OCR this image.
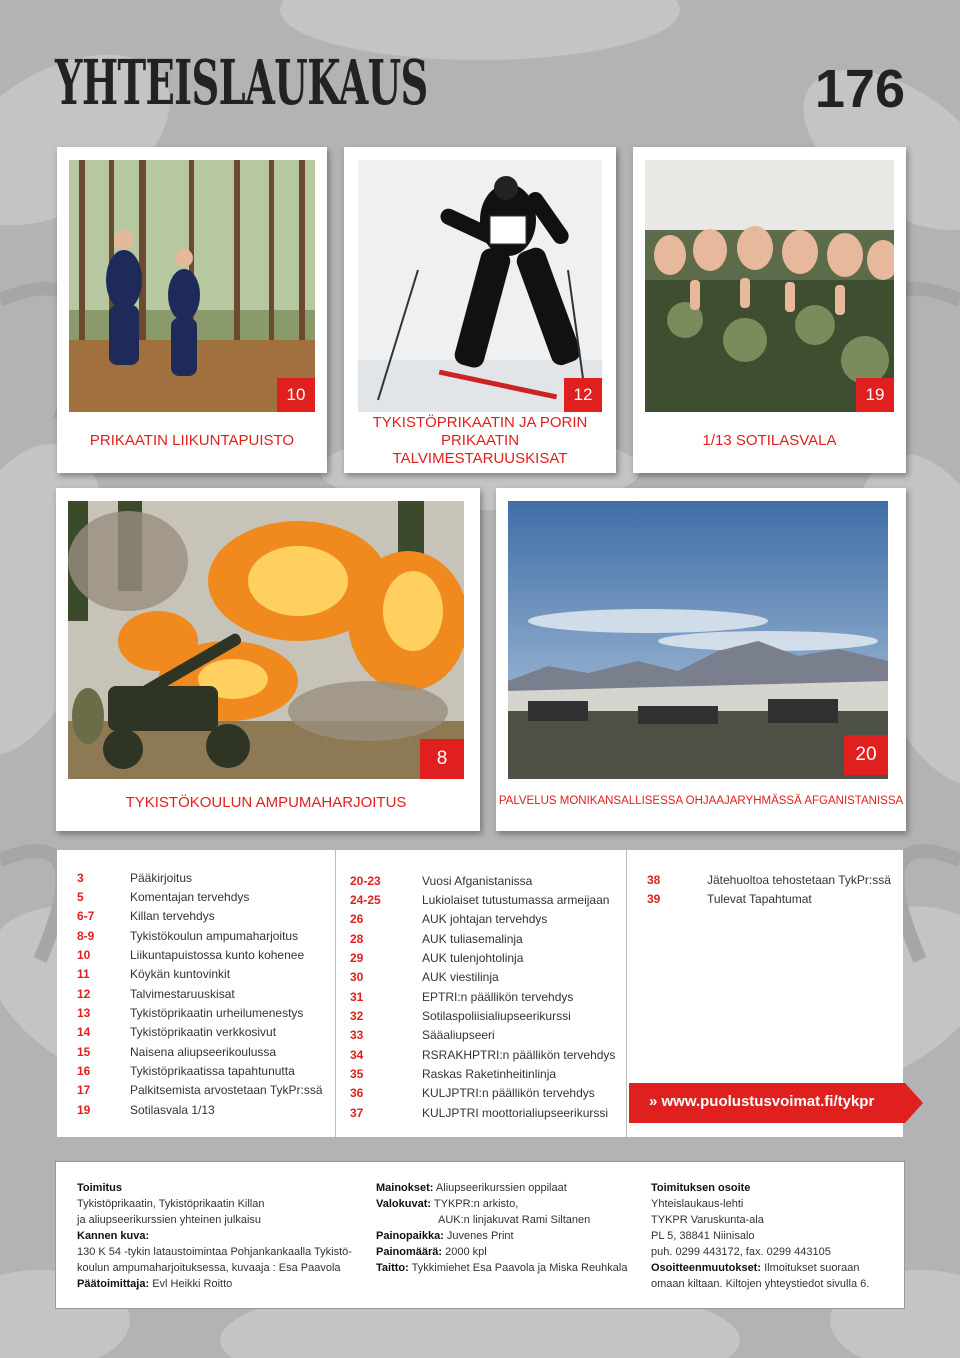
YHTEISLAUKAUS	176
10
PRIKAATIN LIIKUNTAPUISTO
12
TYKISTÖPRIKAATIN JA PORIN PRIKAATIN TALVIMESTARUUSKISAT
19
1/13 SOTILASVALA
8
TYKISTÖKOULUN AMPUMAHARJOITUS
20
PALVELUS MONIKANSALLISESSA OHJAAJARYHMÄSSÄ AFGANISTANISSA
3	Pääkirjoitus
5	Komentajan tervehdys
6-7	Killan tervehdys
8-9	Tykistökoulun ampumaharjoitus
10	Liikuntapuistossa kunto kohenee
11	Köykän kuntovinkit
12	Talvimestaruuskisat
13	Tykistöprikaatin urheilumenestys
14	Tykistöprikaatin verkkosivut
15	Naisena aliupseerikoulussa
16	Tykistöprikaatissa tapahtunutta
17	Palkitsemista arvostetaan TykPr:ssä
19	Sotilasvala 1/13
20-23	Vuosi Afganistanissa
24-25	Lukiolaiset tutustumassa armeijaan
26	AUK johtajan tervehdys
28	AUK tuliasemalinja
29	AUK tulenjohtolinja
30	AUK viestilinja
31	EPTRI:n päällikön tervehdys
32	Sotilaspoliisialiupseerikurssi
33	Sääaliupseeri
34	RSRAKHPTRI:n päällikön tervehdys
35	Raskas Raketinheitinlinja
36	KULJPTRI:n päällikön tervehdys
37	KULJPTRI moottorialiupseerikurssi
38	Jätehuoltoa tehostetaan TykPr:ssä
39	Tulevat Tapahtumat
» www.puolustusvoimat.fi/tykpr
Toimitus
Tykistöprikaatin, Tykistöprikaatin Killan
ja aliupseerikurssien yhteinen julkaisu
Kannen kuva:
130 K 54 -tykin lataustoimintaa Pohjankankaalla Tykistö-
koulun ampumaharjoituksessa, kuvaaja : Esa Paavola
Päätoimittaja: Evl Heikki Roitto
Mainokset: Aliupseerikurssien oppilaat
Valokuvat: TYKPR:n arkisto,
AUK:n linjakuvat Rami Siltanen
Painopaikka: Juvenes Print
Painomäärä: 2000 kpl
Taitto: Tykkimiehet Esa Paavola ja Miska Reuhkala
Toimituksen osoite
Yhteislaukaus-lehti
TYKPR Varuskunta-ala
PL 5, 38841 Niinisalo
puh. 0299 443172, fax. 0299 443105
Osoitteenmuutokset: Ilmoitukset suoraan
omaan kiltaan. Kiltojen yhteystiedot sivulla 6.
